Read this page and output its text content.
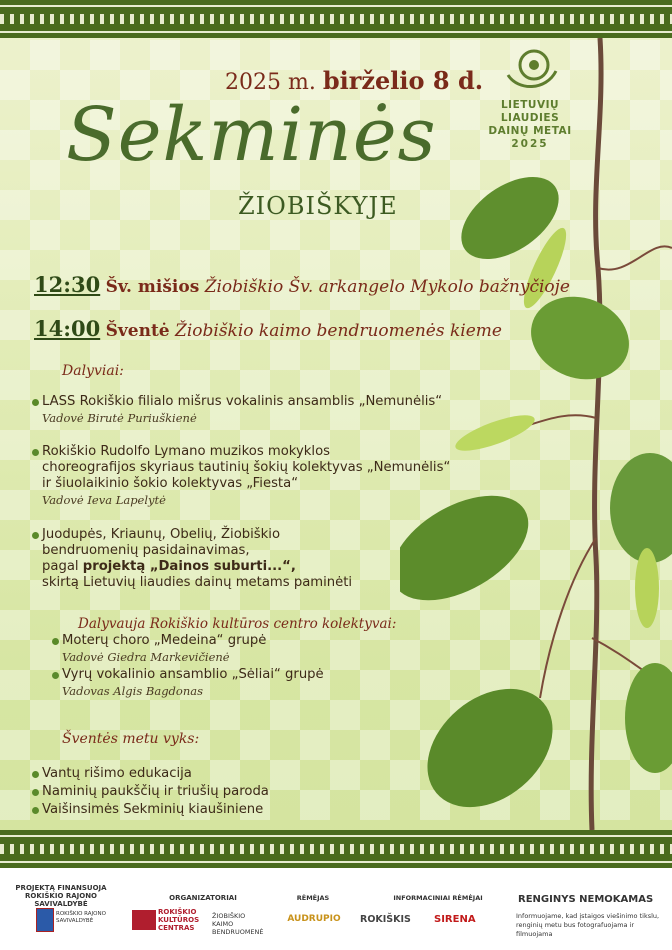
2025 m. birželio 8 d.
Sekminės
ŽIOBIŠKYJE
LIETUVIŲ LIAUDIES
DAINŲ METAI
2025
12:30 Šv. mišios Žiobiškio Šv. arkangelo Mykolo bažnyčioje
14:00 Šventė Žiobiškio kaimo bendruomenės kieme
Dalyviai:
LASS Rokiškio filialo mišrus vokalinis ansamblis „Nemunėlis“
Vadovė Birutė Puriuškienė
Rokiškio Rudolfo Lymano muzikos mokyklos
choreografijos skyriaus tautinių šokių kolektyvas „Nemunėlis“
ir šiuolaikinio šokio kolektyvas „Fiesta“
Vadovė Ieva Lapelytė
Juodupės, Kriaunų, Obelių, Žiobiškio
bendruomenių pasidainavimas,
pagal projektą „Dainos suburti...“,
skirtą Lietuvių liaudies dainų metams paminėti
Dalyvauja Rokiškio kultūros centro kolektyvai:
Moterų choro „Medeina“ grupė
Vadovė Giedra Markevičienė
Vyrų vokalinio ansamblio „Sėliai“ grupė
Vadovas Algis Bagdonas
Šventės metu vyks:
Vantų rišimo edukacija
Naminių paukščių ir triušių paroda
Vaišinsimės Sekminių kiaušiniene
PROJEKTĄ FINANSUOJA
ROKIŠKIO RAJONO SAVIVALDYBĖ
ROKIŠKIO RAJONO SAVIVALDYBĖ
ORGANIZATORIAI
ROKIŠKIO KULTŪROS CENTRAS
ŽIOBIŠKIO KAIMO BENDRUOMENĖ
RĖMĖJAS
AUDRUPIO
INFORMACINIAI RĖMĖJAI
ROKIŠKIS	SIRENA
RENGINYS NEMOKAMAS
Informuojame, kad įstaigos viešinimo tikslu, renginių metu bus fotografuojama ir filmuojama
